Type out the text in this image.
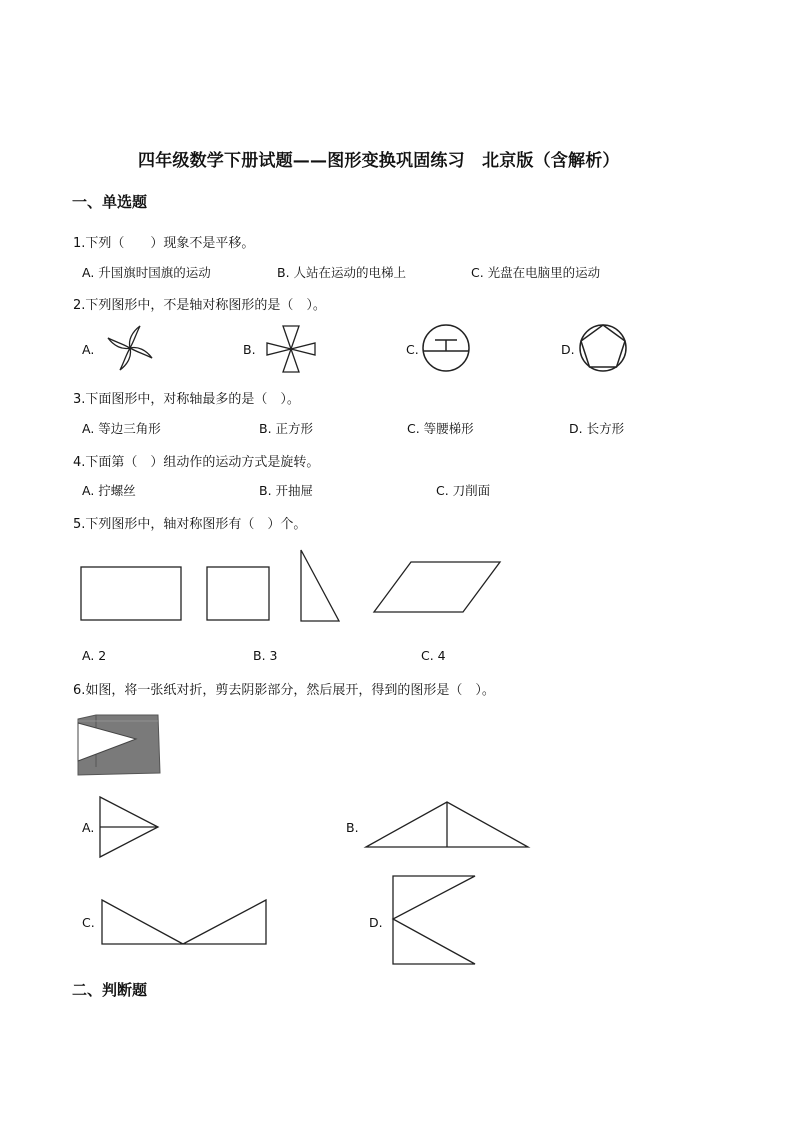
四年级数学下册试题——图形变换巩固练习　北京版（含解析）
一、单选题
1.下列（　　）现象不是平移。
A. 升国旗时国旗的运动	B. 人站在运动的电梯上	C. 光盘在电脑里的运动
2.下列图形中，不是轴对称图形的是（　）。
A.	B.	C.	D.
3.下面图形中，对称轴最多的是（　）。
A. 等边三角形	B. 正方形	C. 等腰梯形	D. 长方形
4.下面第（　）组动作的运动方式是旋转。
A. 拧螺丝	B. 开抽屉	C. 刀削面
5.下列图形中，轴对称图形有（　）个。
A. 2	B. 3	C. 4
6.如图，将一张纸对折，剪去阴影部分，然后展开，得到的图形是（　）。
A.	B.
C.	D.
二、判断题
